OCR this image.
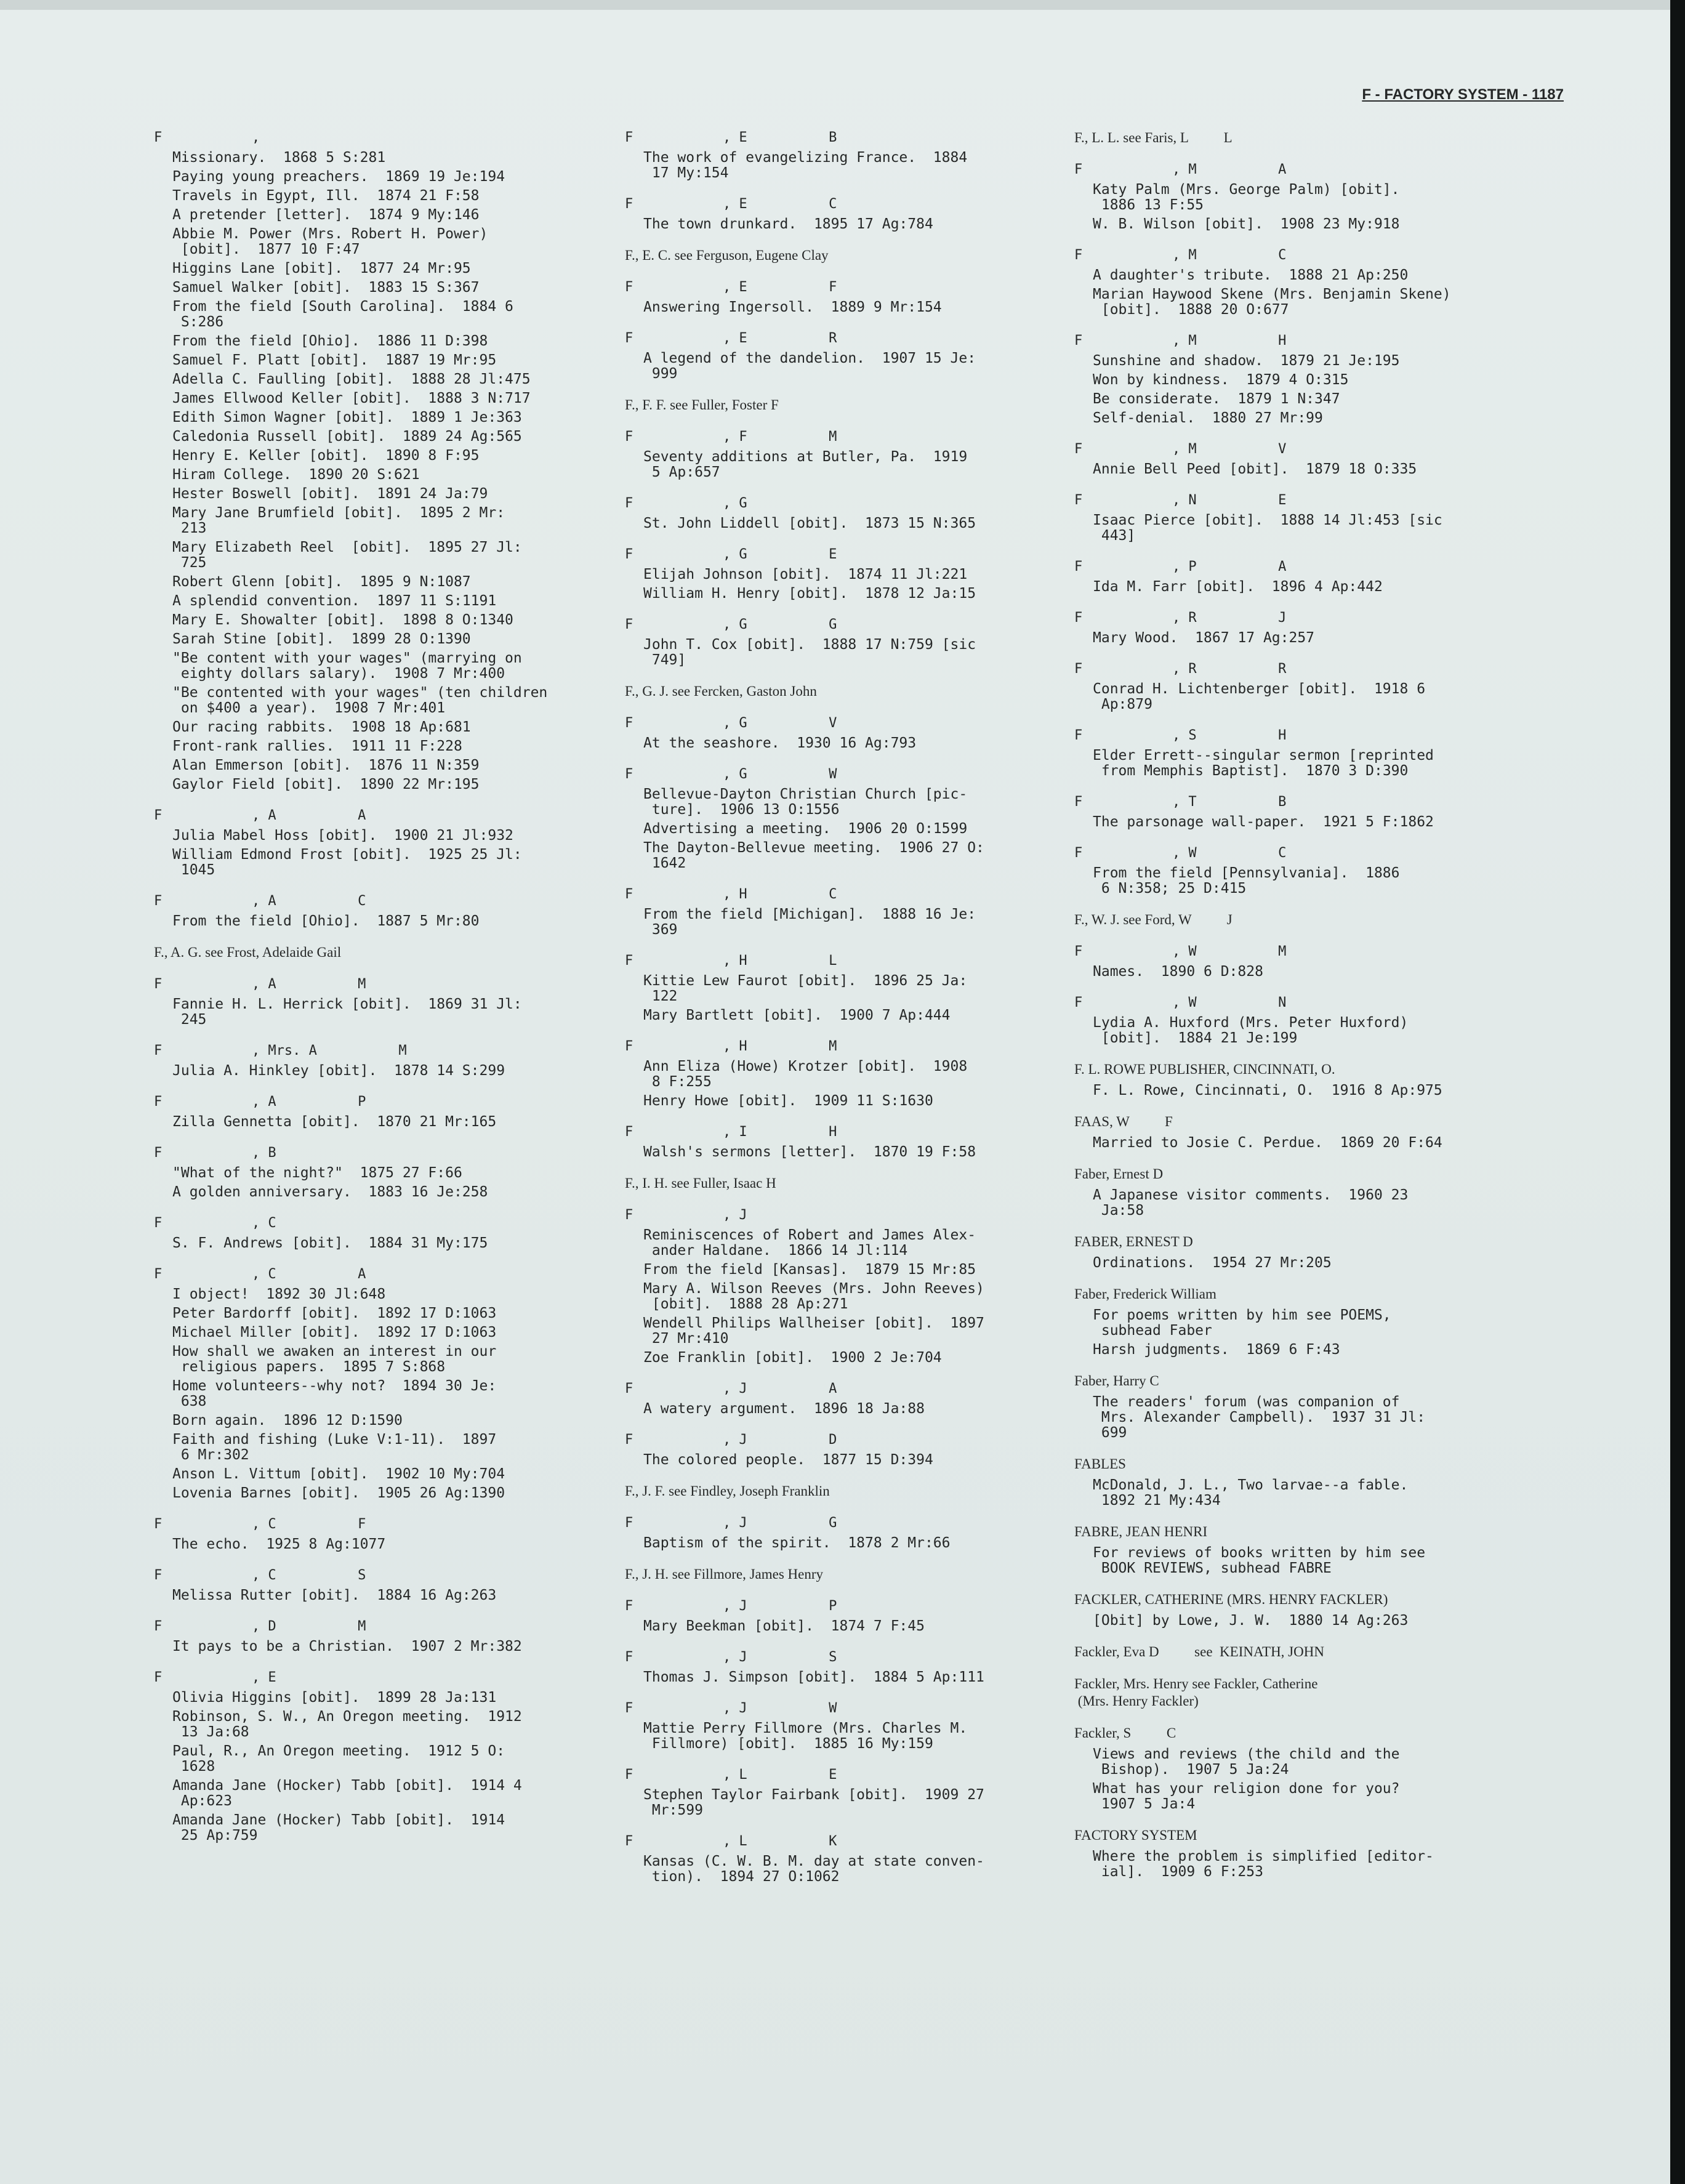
F - FACTORY SYSTEM - 1187
F           ,
Missionary.  1868 5 S:281
Paying young preachers.  1869 19 Je:194
Travels in Egypt, Ill.  1874 21 F:58
A pretender [letter].  1874 9 My:146
Abbie M. Power (Mrs. Robert H. Power)
[obit].  1877 10 F:47
Higgins Lane [obit].  1877 24 Mr:95
Samuel Walker [obit].  1883 15 S:367
From the field [South Carolina].  1884 6
S:286
From the field [Ohio].  1886 11 D:398
Samuel F. Platt [obit].  1887 19 Mr:95
Adella C. Faulling [obit].  1888 28 Jl:475
James Ellwood Keller [obit].  1888 3 N:717
Edith Simon Wagner [obit].  1889 1 Je:363
Caledonia Russell [obit].  1889 24 Ag:565
Henry E. Keller [obit].  1890 8 F:95
Hiram College.  1890 20 S:621
Hester Boswell [obit].  1891 24 Ja:79
Mary Jane Brumfield [obit].  1895 2 Mr:
213
Mary Elizabeth Reel  [obit].  1895 27 Jl:
725
Robert Glenn [obit].  1895 9 N:1087
A splendid convention.  1897 11 S:1191
Mary E. Showalter [obit].  1898 8 O:1340
Sarah Stine [obit].  1899 28 O:1390
"Be content with your wages" (marrying on
eighty dollars salary).  1908 7 Mr:400
"Be contented with your wages" (ten children
on $400 a year).  1908 7 Mr:401
Our racing rabbits.  1908 18 Ap:681
Front-rank rallies.  1911 11 F:228
Alan Emmerson [obit].  1876 11 N:359
Gaylor Field [obit].  1890 22 Mr:195
F           , A          A
Julia Mabel Hoss [obit].  1900 21 Jl:932
William Edmond Frost [obit].  1925 25 Jl:
1045
F           , A          C
From the field [Ohio].  1887 5 Mr:80
F., A. G. see Frost, Adelaide Gail
F           , A          M
Fannie H. L. Herrick [obit].  1869 31 Jl:
245
F           , Mrs. A          M
Julia A. Hinkley [obit].  1878 14 S:299
F           , A          P
Zilla Gennetta [obit].  1870 21 Mr:165
F           , B
"What of the night?"  1875 27 F:66
A golden anniversary.  1883 16 Je:258
F           , C
S. F. Andrews [obit].  1884 31 My:175
F           , C          A
I object!  1892 30 Jl:648
Peter Bardorff [obit].  1892 17 D:1063
Michael Miller [obit].  1892 17 D:1063
How shall we awaken an interest in our
religious papers.  1895 7 S:868
Home volunteers--why not?  1894 30 Je:
638
Born again.  1896 12 D:1590
Faith and fishing (Luke V:1-11).  1897
6 Mr:302
Anson L. Vittum [obit].  1902 10 My:704
Lovenia Barnes [obit].  1905 26 Ag:1390
F           , C          F
The echo.  1925 8 Ag:1077
F           , C          S
Melissa Rutter [obit].  1884 16 Ag:263
F           , D          M
It pays to be a Christian.  1907 2 Mr:382
F           , E
Olivia Higgins [obit].  1899 28 Ja:131
Robinson, S. W., An Oregon meeting.  1912
13 Ja:68
Paul, R., An Oregon meeting.  1912 5 O:
1628
Amanda Jane (Hocker) Tabb [obit].  1914 4
Ap:623
Amanda Jane (Hocker) Tabb [obit].  1914
25 Ap:759
F           , E          B
The work of evangelizing France.  1884
17 My:154
F           , E          C
The town drunkard.  1895 17 Ag:784
F., E. C. see Ferguson, Eugene Clay
F           , E          F
Answering Ingersoll.  1889 9 Mr:154
F           , E          R
A legend of the dandelion.  1907 15 Je:
999
F., F. F. see Fuller, Foster F
F           , F          M
Seventy additions at Butler, Pa.  1919
5 Ap:657
F           , G
St. John Liddell [obit].  1873 15 N:365
F           , G          E
Elijah Johnson [obit].  1874 11 Jl:221
William H. Henry [obit].  1878 12 Ja:15
F           , G          G
John T. Cox [obit].  1888 17 N:759 [sic
749]
F., G. J. see Fercken, Gaston John
F           , G          V
At the seashore.  1930 16 Ag:793
F           , G          W
Bellevue-Dayton Christian Church [pic-
ture].  1906 13 O:1556
Advertising a meeting.  1906 20 O:1599
The Dayton-Bellevue meeting.  1906 27 O:
1642
F           , H          C
From the field [Michigan].  1888 16 Je:
369
F           , H          L
Kittie Lew Faurot [obit].  1896 25 Ja:
122
Mary Bartlett [obit].  1900 7 Ap:444
F           , H          M
Ann Eliza (Howe) Krotzer [obit].  1908
8 F:255
Henry Howe [obit].  1909 11 S:1630
F           , I          H
Walsh's sermons [letter].  1870 19 F:58
F., I. H. see Fuller, Isaac H
F           , J
Reminiscences of Robert and James Alex-
ander Haldane.  1866 14 Jl:114
From the field [Kansas].  1879 15 Mr:85
Mary A. Wilson Reeves (Mrs. John Reeves)
[obit].  1888 28 Ap:271
Wendell Philips Wallheiser [obit].  1897
27 Mr:410
Zoe Franklin [obit].  1900 2 Je:704
F           , J          A
A watery argument.  1896 18 Ja:88
F           , J          D
The colored people.  1877 15 D:394
F., J. F. see Findley, Joseph Franklin
F           , J          G
Baptism of the spirit.  1878 2 Mr:66
F., J. H. see Fillmore, James Henry
F           , J          P
Mary Beekman [obit].  1874 7 F:45
F           , J          S
Thomas J. Simpson [obit].  1884 5 Ap:111
F           , J          W
Mattie Perry Fillmore (Mrs. Charles M.
Fillmore) [obit].  1885 16 My:159
F           , L          E
Stephen Taylor Fairbank [obit].  1909 27
Mr:599
F           , L          K
Kansas (C. W. B. M. day at state conven-
tion).  1894 27 O:1062
F., L. L. see Faris, L          L
F           , M          A
Katy Palm (Mrs. George Palm) [obit].
1886 13 F:55
W. B. Wilson [obit].  1908 23 My:918
F           , M          C
A daughter's tribute.  1888 21 Ap:250
Marian Haywood Skene (Mrs. Benjamin Skene)
[obit].  1888 20 O:677
F           , M          H
Sunshine and shadow.  1879 21 Je:195
Won by kindness.  1879 4 O:315
Be considerate.  1879 1 N:347
Self-denial.  1880 27 Mr:99
F           , M          V
Annie Bell Peed [obit].  1879 18 O:335
F           , N          E
Isaac Pierce [obit].  1888 14 Jl:453 [sic
443]
F           , P          A
Ida M. Farr [obit].  1896 4 Ap:442
F           , R          J
Mary Wood.  1867 17 Ag:257
F           , R          R
Conrad H. Lichtenberger [obit].  1918 6
Ap:879
F           , S          H
Elder Errett--singular sermon [reprinted
from Memphis Baptist].  1870 3 D:390
F           , T          B
The parsonage wall-paper.  1921 5 F:1862
F           , W          C
From the field [Pennsylvania].  1886
6 N:358; 25 D:415
F., W. J. see Ford, W          J
F           , W          M
Names.  1890 6 D:828
F           , W          N
Lydia A. Huxford (Mrs. Peter Huxford)
[obit].  1884 21 Je:199
F. L. ROWE PUBLISHER, CINCINNATI, O.
F. L. Rowe, Cincinnati, O.  1916 8 Ap:975
FAAS, W          F
Married to Josie C. Perdue.  1869 20 F:64
Faber, Ernest D
A Japanese visitor comments.  1960 23
Ja:58
FABER, ERNEST D
Ordinations.  1954 27 Mr:205
Faber, Frederick William
For poems written by him see POEMS,
subhead Faber
Harsh judgments.  1869 6 F:43
Faber, Harry C
The readers' forum (was companion of
Mrs. Alexander Campbell).  1937 31 Jl:
699
FABLES
McDonald, J. L., Two larvae--a fable.
1892 21 My:434
FABRE, JEAN HENRI
For reviews of books written by him see
BOOK REVIEWS, subhead FABRE
FACKLER, CATHERINE (MRS. HENRY FACKLER)
[Obit] by Lowe, J. W.  1880 14 Ag:263
Fackler, Eva D          see  KEINATH, JOHN
Fackler, Mrs. Henry see Fackler, Catherine
(Mrs. Henry Fackler)
Fackler, S          C
Views and reviews (the child and the
Bishop).  1907 5 Ja:24
What has your religion done for you?
1907 5 Ja:4
FACTORY SYSTEM
Where the problem is simplified [editor-
ial].  1909 6 F:253
